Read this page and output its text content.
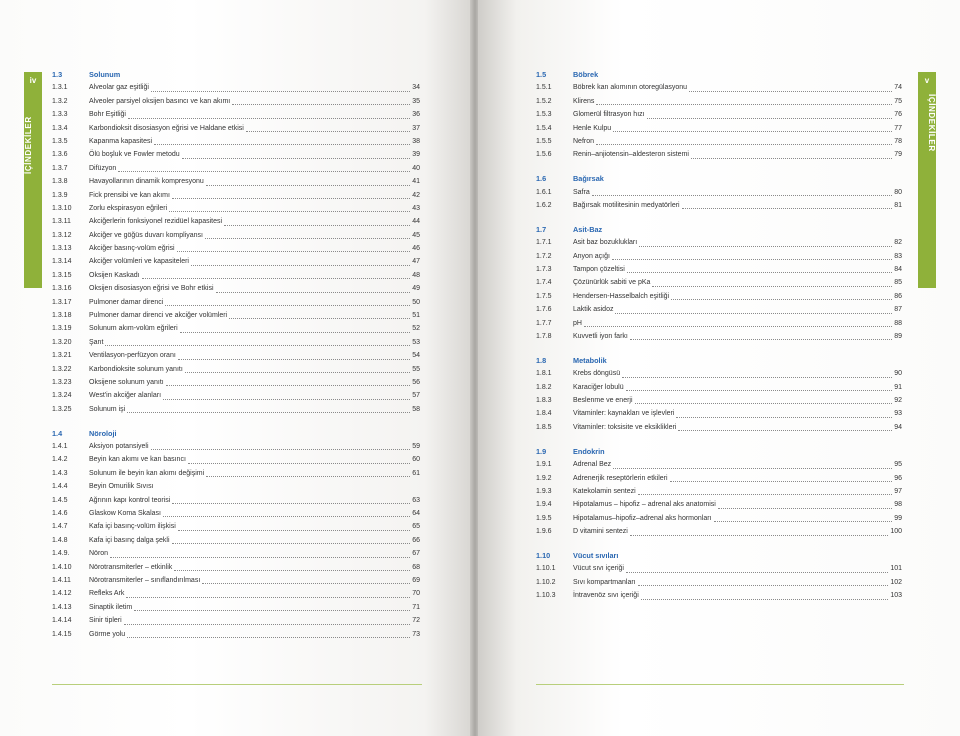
iv
İÇİNDEKİLER
1.3	Solunum
1.3.1	Alveolar gaz eşitliği	34
1.3.2	Alveoler parsiyel oksijen basıncı ve kan akımı	35
1.3.3	Bohr Eşitliği	36
1.3.4	Karbondioksit disosiasyon eğrisi ve Haldane etkisi	37
1.3.5	Kapanma kapasitesi	38
1.3.6	Ölü boşluk ve Fowler metodu	39
1.3.7	Difüzyon	40
1.3.8	Havayollarının dinamik kompresyonu	41
1.3.9	Fick prensibi ve kan akımı	42
1.3.10	Zorlu ekspirasyon eğrileri	43
1.3.11	Akciğerlerin fonksiyonel rezidüel kapasitesi	44
1.3.12	Akciğer ve göğüs duvarı kompliyansı	45
1.3.13	Akciğer basınç-volüm eğrisi	46
1.3.14	Akciğer volümleri ve kapasiteleri	47
1.3.15	Oksijen Kaskadı	48
1.3.16	Oksijen disosiasyon eğrisi ve Bohr etkisi	49
1.3.17	Pulmoner damar direnci	50
1.3.18	Pulmoner damar direnci ve akciğer volümleri	51
1.3.19	Solunum akım-volüm eğrileri	52
1.3.20	Şant	53
1.3.21	Ventilasyon-perfüzyon oranı	54
1.3.22	Karbondioksite solunum yanıtı	55
1.3.23	Oksijene solunum yanıtı	56
1.3.24	West'in akciğer alanları	57
1.3.25	Solunum işi	58
1.4	Nöroloji
1.4.1	Aksiyon potansiyeli	59
1.4.2	Beyin kan akımı ve kan basıncı	60
1.4.3	Solunum ile beyin kan akımı değişimi	61
1.4.4	Beyin Omurilik Sıvısı
1.4.5	Ağrının kapı kontrol teorisi	63
1.4.6	Glaskow Koma Skalası	64
1.4.7	Kafa içi basınç-volüm ilişkisi	65
1.4.8	Kafa içi basınç dalga şekli	66
1.4.9.	Nöron	67
1.4.10	Nörotransmiterler – etkinlik	68
1.4.11	Nörotransmiterler – sınıflandırılması	69
1.4.12	Refleks Ark	70
1.4.13	Sinaptik iletim	71
1.4.14	Sinir tipleri	72
1.4.15	Görme yolu	73
1.5	Böbrek
1.5.1	Böbrek kan akımının otoregülasyonu	74
1.5.2	Klirens	75
1.5.3	Glomerül filtrasyon hızı	76
1.5.4	Henle Kulpu	77
1.5.5	Nefron	78
1.5.6	Renin–anjiotensin–aldesteron sistemi	79
1.6	Bağırsak
1.6.1	Safra	80
1.6.2	Bağırsak motilitesinin medyatörleri	81
1.7	Asit-Baz
1.7.1	Asit baz bozuklukları	82
1.7.2	Anyon açığı	83
1.7.3	Tampon çözeltisi	84
1.7.4	Çözünürlük sabiti ve pKa	85
1.7.5	Hendersen-Hasselbalch eşitliği	86
1.7.6	Laktik asidoz	87
1.7.7	pH	88
1.7.8	Kuvvetli iyon farkı	89
1.8	Metabolik
1.8.1	Krebs döngüsü	90
1.8.2	Karaciğer lobulü	91
1.8.3	Beslenme ve enerji	92
1.8.4	Vitaminler: kaynakları ve işlevleri	93
1.8.5	Vitaminler: toksisite ve eksiklikleri	94
1.9	Endokrin
1.9.1	Adrenal Bez	95
1.9.2	Adrenerjik reseptörlerin etkileri	96
1.9.3	Katekolamin sentezi	97
1.9.4	Hipotalamus – hipofiz – adrenal aks anatomisi	98
1.9.5	Hipotalamus–hipofiz–adrenal aks hormonları	99
1.9.6	D vitamini sentezi	100
1.10	Vücut sıvıları
1.10.1	Vücut sıvı içeriği	101
1.10.2	Sıvı kompartmanları	102
1.10.3	İntravenöz sıvı içeriği	103
v
İÇİNDEKİLER
